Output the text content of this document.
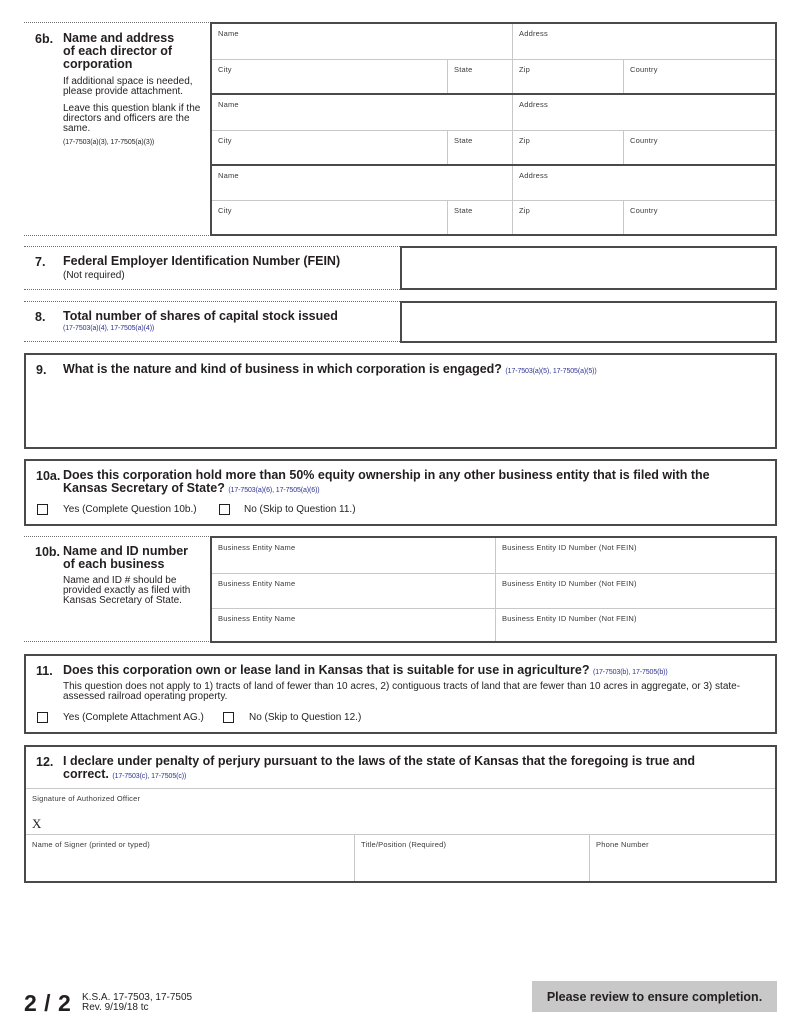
6b. Name and address
of each director of
corporation
If additional space is needed, please provide attachment.
Leave this question blank if the directors and officers are the same.
(17-7503(a)(3), 17-7505(a)(3))
Name	Address
City	State	Zip	Country
Name	Address
City	State	Zip	Country
Name	Address
City	State	Zip	Country
7. Federal Employer Identification Number (FEIN)
(Not required)
8. Total number of shares of capital stock issued
(17-7503(a)(4), 17-7505(a)(4))
9. What is the nature and kind of business in which corporation is engaged? (17-7503(a)(5), 17-7505(a)(5))
10a. Does this corporation hold more than 50% equity ownership in any other business entity that is filed with the
Kansas Secretary of State? (17-7503(a)(6), 17-7505(a)(6))
Yes (Complete Question 10b.)	No (Skip to Question 11.)
10b. Name and ID number
of each business
Name and ID # should be provided exactly as filed with Kansas Secretary of State.
Business Entity Name	Business Entity ID Number (Not FEIN)
Business Entity Name	Business Entity ID Number (Not FEIN)
Business Entity Name	Business Entity ID Number (Not FEIN)
11. Does this corporation own or lease land in Kansas that is suitable for use in agriculture? (17-7503(b), 17-7505(b))
This question does not apply to 1) tracts of land of fewer than 10 acres, 2) contiguous tracts of land that are fewer than 10 acres in aggregate, or 3) state-assessed railroad operating property.
Yes (Complete Attachment AG.)	No (Skip to Question 12.)
12. I declare under penalty of perjury pursuant to the laws of the state of Kansas that the foregoing is true and
correct. (17-7503(c), 17-7505(c))
Signature of Authorized Officer
X
Name of Signer (printed or typed)	Title/Position (Required)	Phone Number
2 / 2 K.S.A. 17-7503, 17-7505
Rev. 9/19/18 tc
Please review to ensure completion.
